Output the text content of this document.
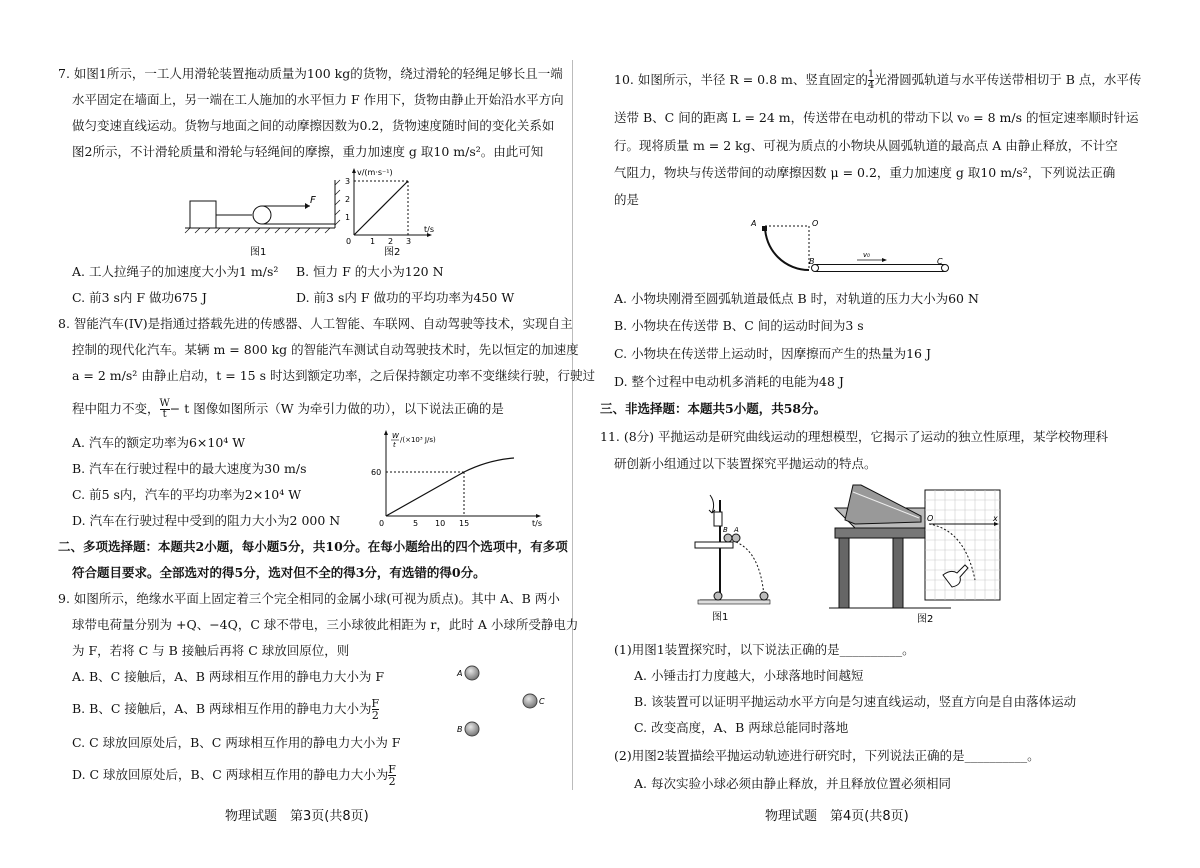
7. 如图1所示，一工人用滑轮装置拖动质量为100 kg的货物，绕过滑轮的轻绳足够长且一端
水平固定在墙面上，另一端在工人施加的水平恒力 F 作用下，货物由静止开始沿水平方向
做匀变速直线运动。货物与地面之间的动摩擦因数为0.2，货物速度随时间的变化关系如
图2所示，不计滑轮质量和滑轮与轻绳间的摩擦，重力加速度 g 取10 m/s²。由此可知
F
图1
v/(m·s⁻¹)
t/s
1
2
3
0 1 2 3
图2
A. 工人拉绳子的加速度大小为1 m/s² B. 恒力 F 的大小为120 N
C. 前3 s内 F 做功675 J	D. 前3 s内 F 做功的平均功率为450 W
8. 智能汽车(IV)是指通过搭载先进的传感器、人工智能、车联网、自动驾驶等技术，实现自主
控制的现代化汽车。某辆 m = 800 kg 的智能汽车测试自动驾驶技术时，先以恒定的加速度
a = 2 m/s² 由静止启动，t = 15 s 时达到额定功率，之后保持额定功率不变继续行驶，行驶过
程中阻力不变， $\frac{W}{t} - t$ 图像如图所示（W 为牵引力做的功），以下说法正确的是
A. 汽车的额定功率为6×10⁴ W
B. 汽车在行驶过程中的最大速度为30 m/s
C. 前5 s内，汽车的平均功率为2×10⁴ W
D. 汽车在行驶过程中受到的阻力大小为2 000 N
W
t
/(×10³ J/s)
60
0	5 10 15	t/s
二、多项选择题：本题共2小题，每小题5分，共10分。在每小题给出的四个选项中，有多项
符合题目要求。全部选对的得5分，选对但不全的得3分，有选错的得0分。
9. 如图所示，绝缘水平面上固定着三个完全相同的金属小球(可视为质点)。其中 A、B 两小
球带电荷量分别为 +Q、−4Q，C 球不带电，三小球彼此相距为 r，此时 A 小球所受静电力
为 F，若将 C 与 B 接触后再将 C 球放回原位，则
A. B、C 接触后，A、B 两球相互作用的静电力大小为 F
B. B、C 接触后，A、B 两球相互作用的静电力大小为 $\frac{F}{2}$
C. C 球放回原处后，B、C 两球相互作用的静电力大小为 F
D. C 球放回原处后，B、C 两球相互作用的静电力大小为 $\frac{F}{2}$
A
C
B
物理试题　第3页(共8页)
10. 如图所示，半径 R = 0.8 m、竖直固定的 $\frac{1}{4}$ 光滑圆弧轨道与水平传送带相切于 B 点，水平传
送带 B、C 间的距离 L = 24 m，传送带在电动机的带动下以 v₀ = 8 m/s 的恒定速率顺时针运
行。现将质量 m = 2 kg、可视为质点的小物块从圆弧轨道的最高点 A 由静止释放，不计空
气阻力，物块与传送带间的动摩擦因数 μ = 0.2，重力加速度 g 取10 m/s²，下列说法正确
的是
A	O
B	C
v₀
A. 小物块刚滑至圆弧轨道最低点 B 时，对轨道的压力大小为60 N
B. 小物块在传送带 B、C 间的运动时间为3 s
C. 小物块在传送带上运动时，因摩擦而产生的热量为16 J
D. 整个过程中电动机多消耗的电能为48 J
三、非选择题：本题共5小题，共58分。
11. (8分) 平抛运动是研究曲线运动的理想模型，它揭示了运动的独立性原理，某学校物理科
研创新小组通过以下装置探究平抛运动的特点。
B A
图1
O	x
图2
(1)用图1装置探究时，以下说法正确的是__________。
A. 小锤击打力度越大，小球落地时间越短
B. 该装置可以证明平抛运动水平方向是匀速直线运动，竖直方向是自由落体运动
C. 改变高度，A、B 两球总能同时落地
(2)用图2装置描绘平抛运动轨迹进行研究时，下列说法正确的是__________。
A. 每次实验小球必须由静止释放，并且释放位置必须相同
物理试题　第4页(共8页)
